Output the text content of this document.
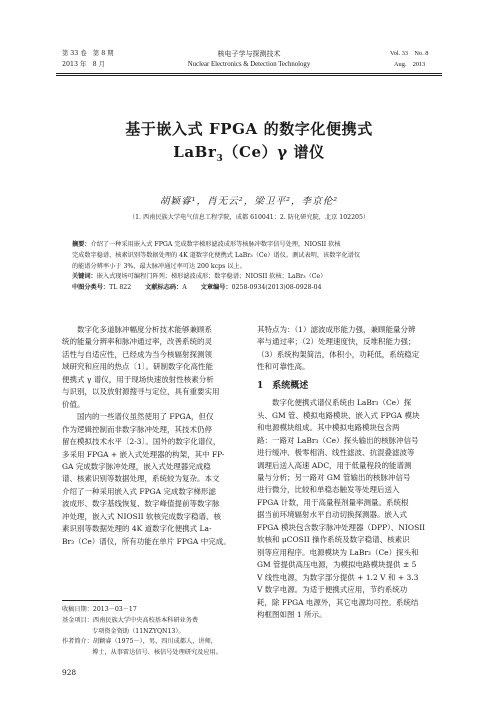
第 33 卷　第 8 期
2013 年　8 月
核电子学与探测技术
Nuclear Electronics & Detection Technology
Vol. 33　No. 8
Aug.　2013
基于嵌入式 FPGA 的数字化便携式
LaBr$_3$（Ce）γ 谱仪
胡颖睿¹，肖无云²，梁卫平²，李京伦²
（1. 西南民族大学电气信息工程学院，成都 610041；2. 防化研究院，北京 102205）
摘要：介绍了一种采用嵌入式 FPGA 完成数字梯形滤波成形等核脉冲数字信号处理，NIOSII 软核
完成数字稳谱、核素识别等数据处理的 4K 道数字化便携式 LaBr₃（Ce）谱仪。测试表明，该数字化谱仪
的能谱分辨率小于 3%，最大脉冲通过率可达 200 kcps 以上。
关键词：嵌入式现场可编程门阵列；梯形滤波成形；数字稳谱；NIOSII 软核；LaBr₃（Ce）
中图分类号：TL 822 文献标志码：A 文章编号：0258-0934(2013)08-0928-04
数字化多道脉冲幅度分析技术能够兼顾系
统的能量分辨率和脉冲通过率，改善系统的灵
活性与自适应性，已经成为当今核辐射探测领
域研究和应用的热点〔1〕。研制数字化高性能
便携式 γ 谱仪，用于现场快速放射性核素分析
与识别，以及放射源搜寻与定位，具有重要实用
价值。
国内的一些谱仪虽然使用了 FPGA，但仅
作为逻辑控制而非数字脉冲处理，其技术仍停
留在模拟技术水平〔2-3〕。国外的数字化谱仪，
多采用 FPGA + 嵌入式处理器的构架，其中 FP-
GA 完成数字脉冲处理，嵌入式处理器完成稳
谱、核素识别等数据处理，系统较为复杂。本文
介绍了一种采用嵌入式 FPGA 完成数字梯形滤
波成形、数字基线恢复、数字峰值提前等数字脉
冲处理，嵌入式 NIOSII 软核完成数字稳谱、核
素识别等数据处理的 4K 道数字化便携式 La-
Br₃（Ce）谱仪，所有功能在单片 FPGA 中完成。
收稿日期：2013－03－17
基金项目：西南民族大学中央高校基本科研业务费
专项资金资助（11NZYQN13）。
作者简介：胡颖睿（1975－），男，四川成都人，讲师，
博士，从事雷达信号、核信号处理研究及应用。
928
其特点为：（1）滤波成形能力强，兼顾能量分辨
率与通过率；（2）处理速度快，反堆积能力强；
（3）系统构架简洁，体积小，功耗低，系统稳定
性和可靠性高。
1　系统概述
数字化便携式谱仪系统由 LaBr₃（Ce）探
头、GM 管、模拟电路模块、嵌入式 FPGA 模块
和电源模块组成。其中模拟电路模块包含两
路：一路对 LaBr₃（Ce）探头输出的核脉冲信号
进行缓冲、极零相消、线性滤波、抗混叠滤波等
调理后送入高速 ADC，用于低量程段的能谱测
量与分析；另一路对 GM 管输出的核脉冲信号
进行微分，比较和单稳态触发等处理后送入
FPGA 计数，用于高量程剂量率测量。系统根
据当前环境辐射水平自动切换探测器。嵌入式
FPGA 模块包含数字脉冲处理器（DPP）、NIOSII
软核和 μCOSII 操作系统及数字稳谱、核素识
别等应用程序。电源模块为 LaBr₃（Ce）探头和
GM 管提供高压电源，为模拟电路模块提供 ± 5
V 线性电源，为数字部分提供 + 1.2 V 和 + 3.3
V 数字电源。为适于便携式应用，节约系统功
耗，除 FPGA 电源外，其它电源均可控。系统结
构框图如图 1 所示。
